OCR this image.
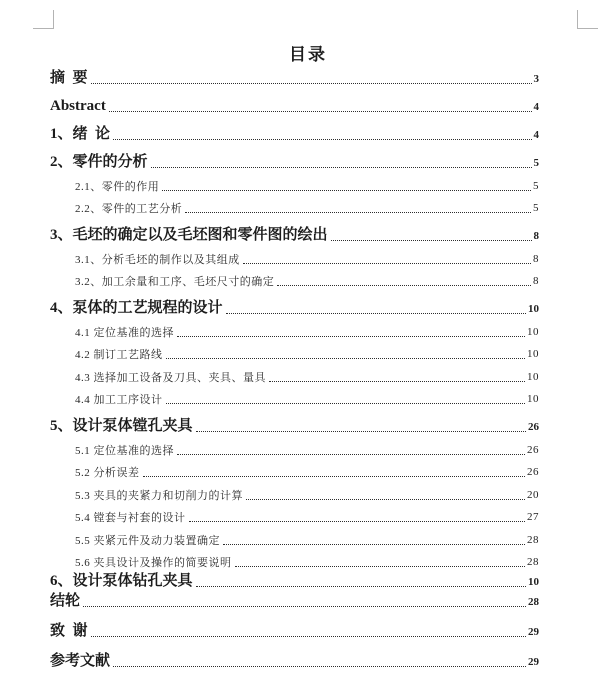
目录
摘  要	3
Abstract	4
1、绪  论	4
2、零件的分析	5
2.1、零件的作用	5
2.2、零件的工艺分析	5
3、毛坯的确定以及毛坯图和零件图的绘出	8
3.1、分析毛坯的制作以及其组成	8
3.2、加工余量和工序、毛坯尺寸的确定	8
4、泵体的工艺规程的设计	10
4.1 定位基准的选择	10
4.2 制订工艺路线	10
4.3 选择加工设备及刀具、夹具、量具	10
4.4 加工工序设计	10
5、设计泵体镗孔夹具	26
5.1 定位基准的选择	26
5.2 分析误差	26
5.3 夹具的夹紧力和切削力的计算	20
5.4 镗套与衬套的设计	27
5.5 夹紧元件及动力装置确定	28
5.6 夹具设计及操作的简要说明	28
6、设计泵体钻孔夹具	10
结轮	28
致  谢	29
参考文献	29
